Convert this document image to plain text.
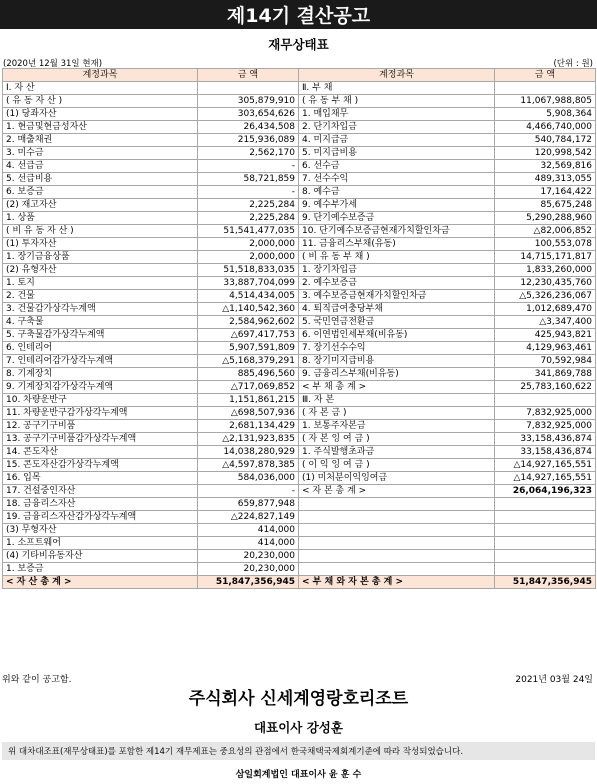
제14기 결산공고
재무상태표
(2020년 12월 31일 현재)	(단위 : 원)
계정과목	금 액	계정과목	금 액
Ⅰ. 자 산		Ⅱ. 부 채	
( 유 동 자 산 )	305,879,910	( 유 동 부 채 )	11,067,988,805
(1) 당좌자산	303,654,626	1. 매입채무	5,908,364
1. 현금및현금성자산	26,434,508	2. 단기차입금	4,466,740,000
2. 매출채권	215,936,089	4. 미지급금	540,784,172
3. 미수금	2,562,170	5. 미지급비용	120,998,542
4. 선급금	-	6. 선수금	32,569,816
5. 선급비용	58,721,859	7. 선수수익	489,313,055
6. 보증금	-	8. 예수금	17,164,422
(2) 재고자산	2,225,284	9. 예수부가세	85,675,248
1. 상품	2,225,284	9. 단기예수보증금	5,290,288,960
( 비 유 동 자 산 )	51,541,477,035	10. 단기예수보증금현재가치할인차금	△82,006,852
(1) 투자자산	2,000,000	11. 금융리스부채(유동)	100,553,078
1. 장기금융상품	2,000,000	( 비 유 동 부 채 )	14,715,171,817
(2) 유형자산	51,518,833,035	1. 장기차입금	1,833,260,000
1. 토지	33,887,704,099	2. 예수보증금	12,230,435,760
2. 건물	4,514,434,005	3. 예수보증금현재가치할인차금	△5,326,236,067
3. 건물감가상각누계액	△1,140,542,360	4. 퇴직급여충당부채	1,012,689,470
4. 구축물	2,584,962,602	5. 국민연금전환금	△3,347,400
5. 구축물감가상각누계액	△697,417,753	6. 이연법인세부채(비유동)	425,943,821
6. 인테리어	5,907,591,809	7. 장기선수수익	4,129,963,461
7. 인테리어감가상각누계액	△5,168,379,291	8. 장기미지급비용	70,592,984
8. 기계장치	885,496,560	9. 금융리스부채(비유동)	341,869,788
9. 기계장치감가상각누계액	△717,069,852	< 부 채 총 계 >	25,783,160,622
10. 차량운반구	1,151,861,215	Ⅲ. 자 본	
11. 차량운반구감가상각누계액	△698,507,936	( 자 본 금 )	7,832,925,000
12. 공구기구비품	2,681,134,429	1. 보통주자본금	7,832,925,000
13. 공구기구비품감가상각누계액	△2,131,923,835	( 자 본 잉 여 금 )	33,158,436,874
14. 콘도자산	14,038,280,929	1. 주식발행초과금	33,158,436,874
15. 콘도자산감가상각누계액	△4,597,878,385	( 이 익 잉 여 금 )	△14,927,165,551
16. 입목	584,036,000	(1) 미처분이익잉여금	△14,927,165,551
17. 건설중인자산	-	< 자 본 총 계 >	26,064,196,323
18. 금융리스자산	659,877,948		
19. 금융리스자산감가상각누계액	△224,827,149		
(3) 무형자산	414,000		
1. 소프트웨어	414,000		
(4) 기타비유동자산	20,230,000		
1. 보증금	20,230,000		
< 자 산 총 계 >	51,847,356,945	< 부 채 와 자 본 총 계 >	51,847,356,945
위와 같이 공고함.	2021년 03월 24일
주식회사 신세계영랑호리조트
대표이사 강성훈
위 대차대조표(재무상태표)를 포함한 제14기 재무제표는 중요성의 관점에서 한국채택국제회계기준에 따라 작성되었습니다.
삼일회계법인 대표이사 윤 훈 수
